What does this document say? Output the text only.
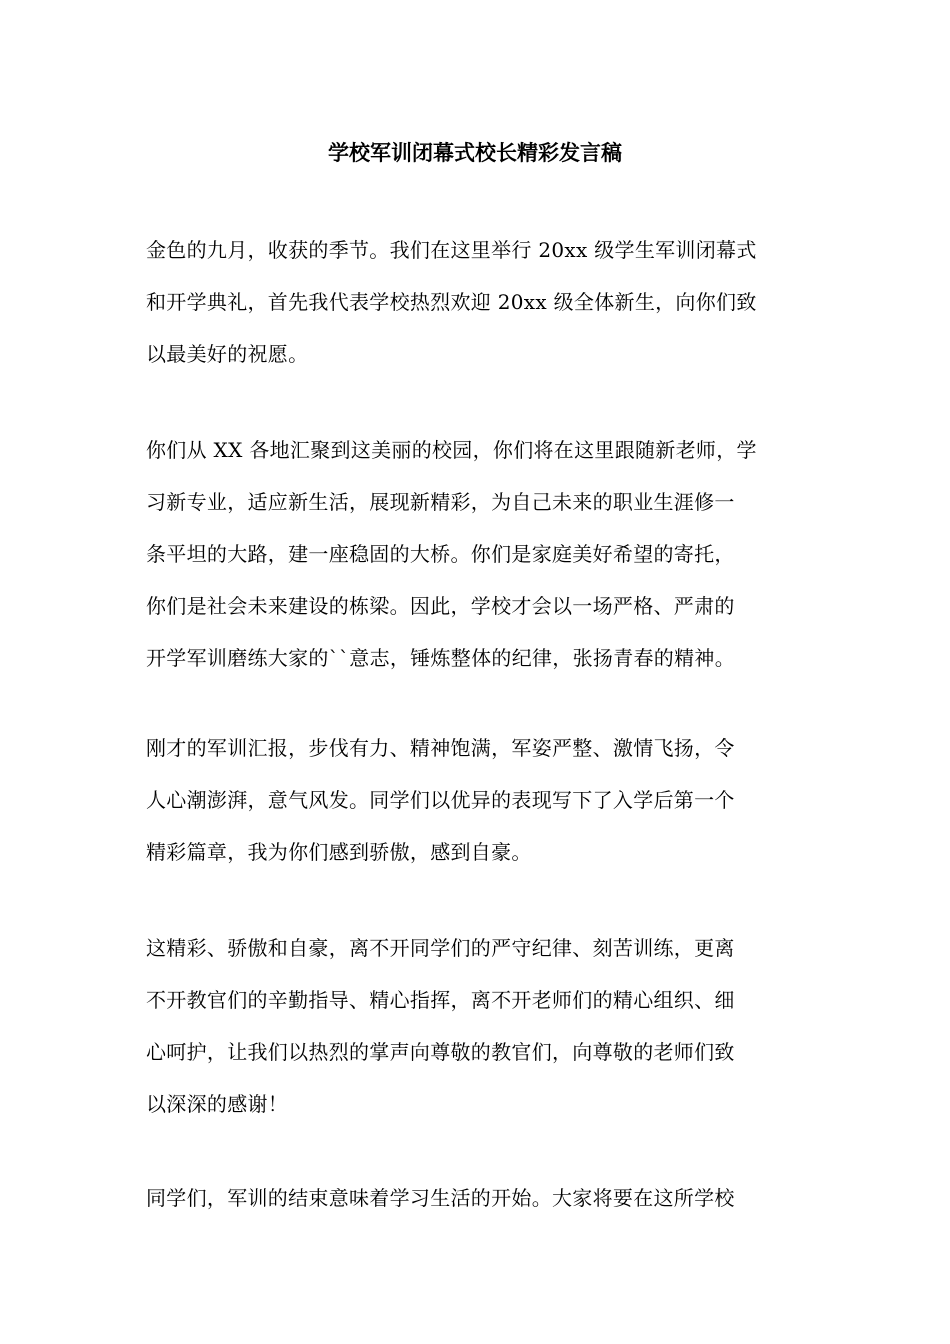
学校军训闭幕式校长精彩发言稿
金色的九月，收获的季节。我们在这里举行 20xx 级学生军训闭幕式
和开学典礼，首先我代表学校热烈欢迎 20xx 级全体新生，向你们致
以最美好的祝愿。
你们从 XX 各地汇聚到这美丽的校园，你们将在这里跟随新老师，学
习新专业，适应新生活，展现新精彩，为自己未来的职业生涯修一
条平坦的大路，建一座稳固的大桥。你们是家庭美好希望的寄托，
你们是社会未来建设的栋梁。因此，学校才会以一场严格、严肃的
开学军训磨练大家的``意志，锤炼整体的纪律，张扬青春的精神。
刚才的军训汇报，步伐有力、精神饱满，军姿严整、激情飞扬，令
人心潮澎湃，意气风发。同学们以优异的表现写下了入学后第一个
精彩篇章，我为你们感到骄傲，感到自豪。
这精彩、骄傲和自豪，离不开同学们的严守纪律、刻苦训练，更离
不开教官们的辛勤指导、精心指挥，离不开老师们的精心组织、细
心呵护，让我们以热烈的掌声向尊敬的教官们，向尊敬的老师们致
以深深的感谢！
同学们，军训的结束意味着学习生活的开始。大家将要在这所学校
